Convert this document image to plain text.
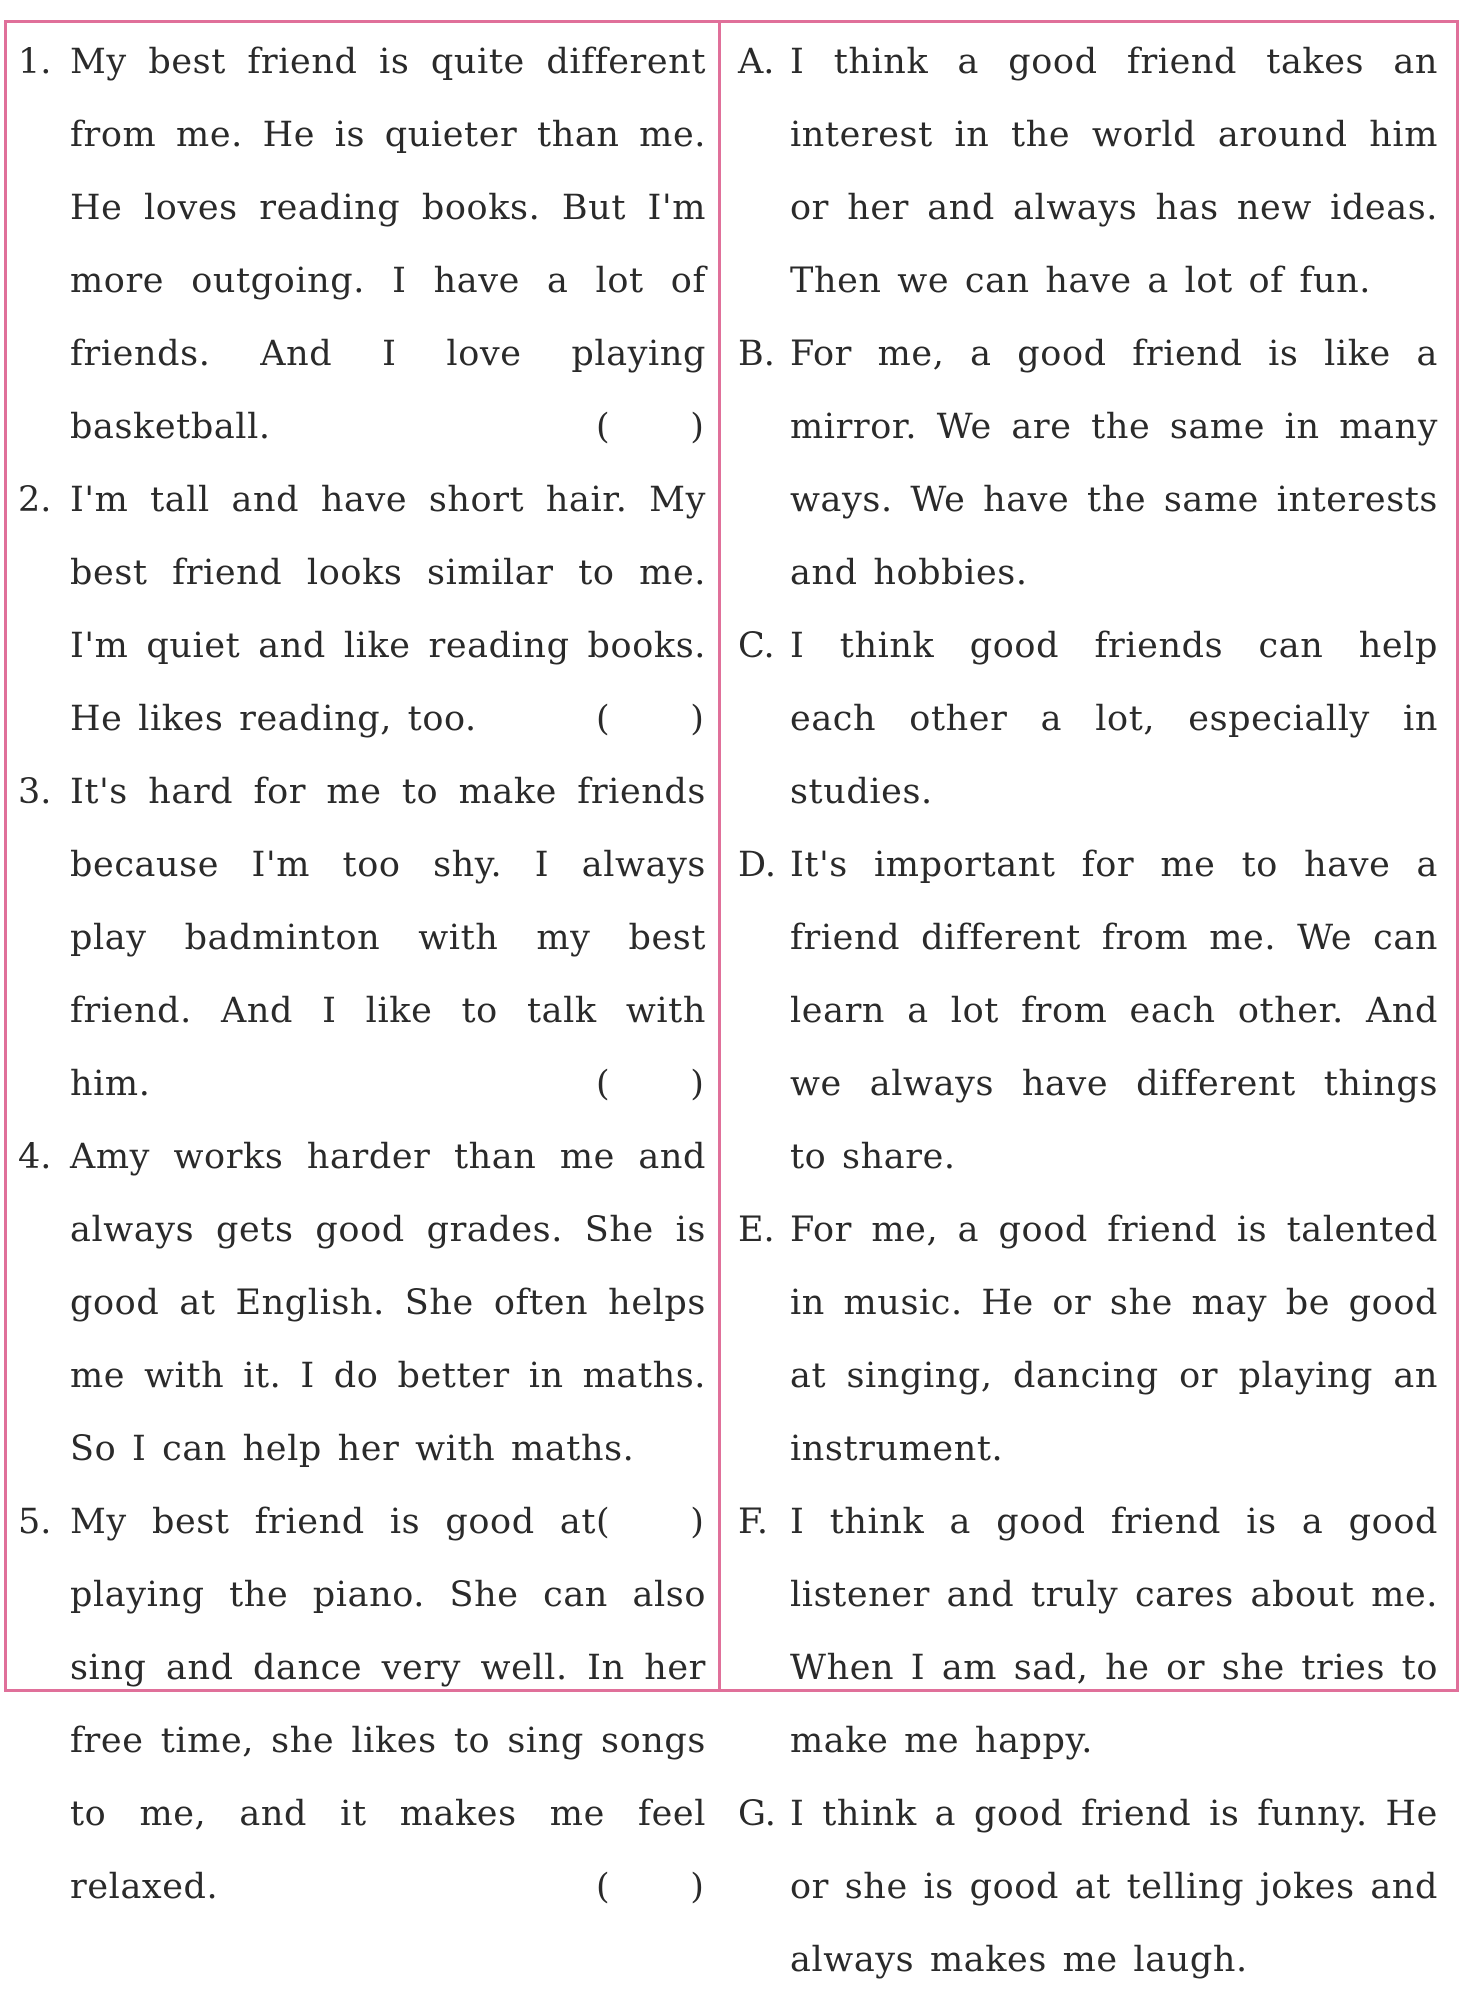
1. My best friend is quite different from me. He is quieter than me. He loves reading books. But I'm more outgoing. I have a lot of friends. And I love playing basketball.	( )
2. I'm tall and have short hair. My best friend looks similar to me. I'm quiet and like reading books. He likes reading, too.	( )
3. It's hard for me to make friends because I'm too shy. I always play badminton with my best friend. And I like to talk with him.	( )
4. Amy works harder than me and always gets good grades. She is good at English. She often helps me with it. I do better in maths. So I can help her with maths.
( )
5. My best friend is good at playing the piano. She can also sing and dance very well. In her free time, she likes to sing songs to me, and it makes me feel relaxed.	( )
A. I think a good friend takes an interest in the world around him or her and always has new ideas. Then we can have a lot of fun.
B. For me, a good friend is like a mirror. We are the same in many ways. We have the same interests and hobbies.
C. I think good friends can help each other a lot, especially in studies.
D. It's important for me to have a friend different from me. We can learn a lot from each other. And we always have different things to share.
E. For me, a good friend is talented in music. He or she may be good at singing, dancing or playing an instrument.
F. I think a good friend is a good listener and truly cares about me. When I am sad, he or she tries to make me happy.
G. I think a good friend is funny. He or she is good at telling jokes and always makes me laugh.
